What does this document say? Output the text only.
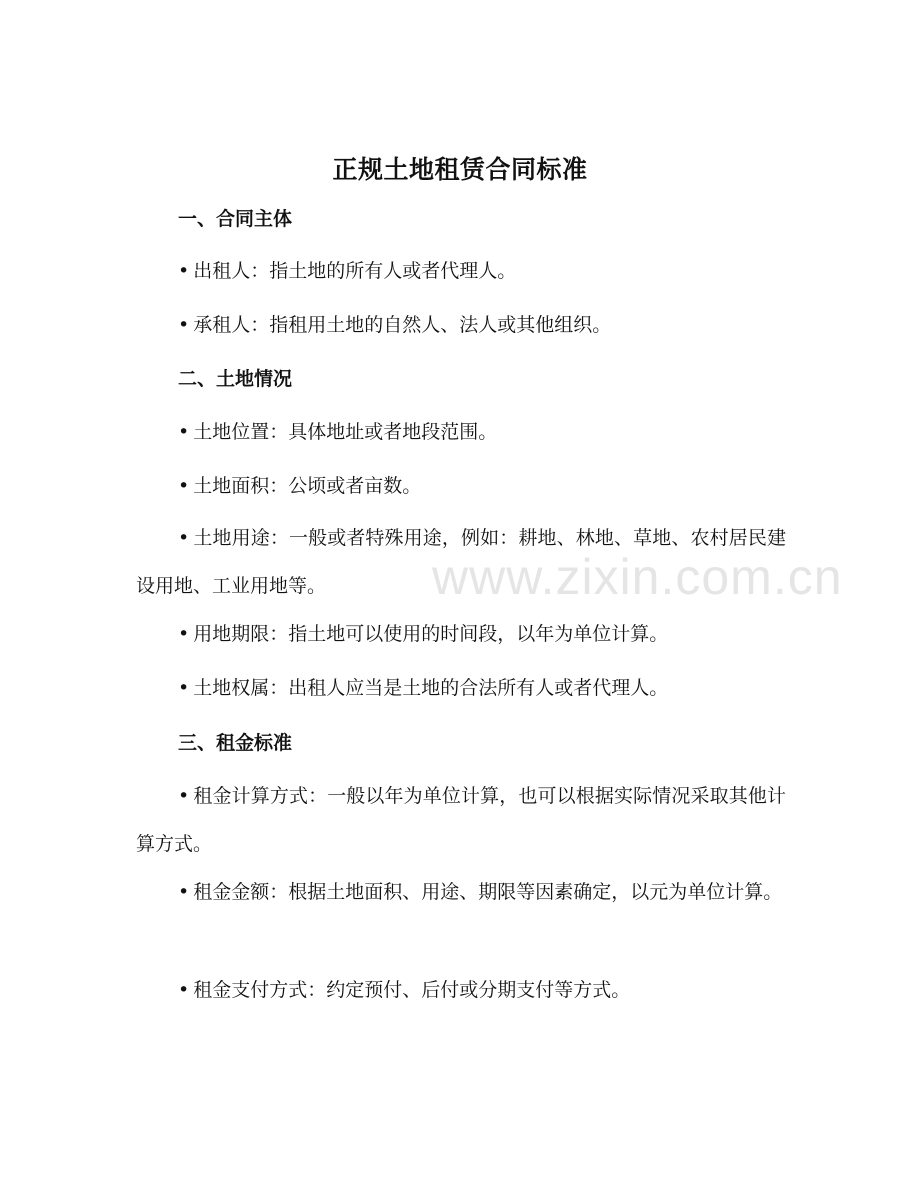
正规土地租赁合同标准
一、合同主体
• 出租人：指土地的所有人或者代理人。
• 承租人：指租用土地的自然人、法人或其他组织。
二、土地情况
• 土地位置：具体地址或者地段范围。
• 土地面积：公顷或者亩数。
• 土地用途：一般或者特殊用途，例如：耕地、林地、草地、农村居民建设用地、工业用地等。
• 用地期限：指土地可以使用的时间段，以年为单位计算。
• 土地权属：出租人应当是土地的合法所有人或者代理人。
三、租金标准
• 租金计算方式：一般以年为单位计算，也可以根据实际情况采取其他计算方式。
• 租金金额：根据土地面积、用途、期限等因素确定，以元为单位计算。
• 租金支付方式：约定预付、后付或分期支付等方式。
www.zixin.com.cn
